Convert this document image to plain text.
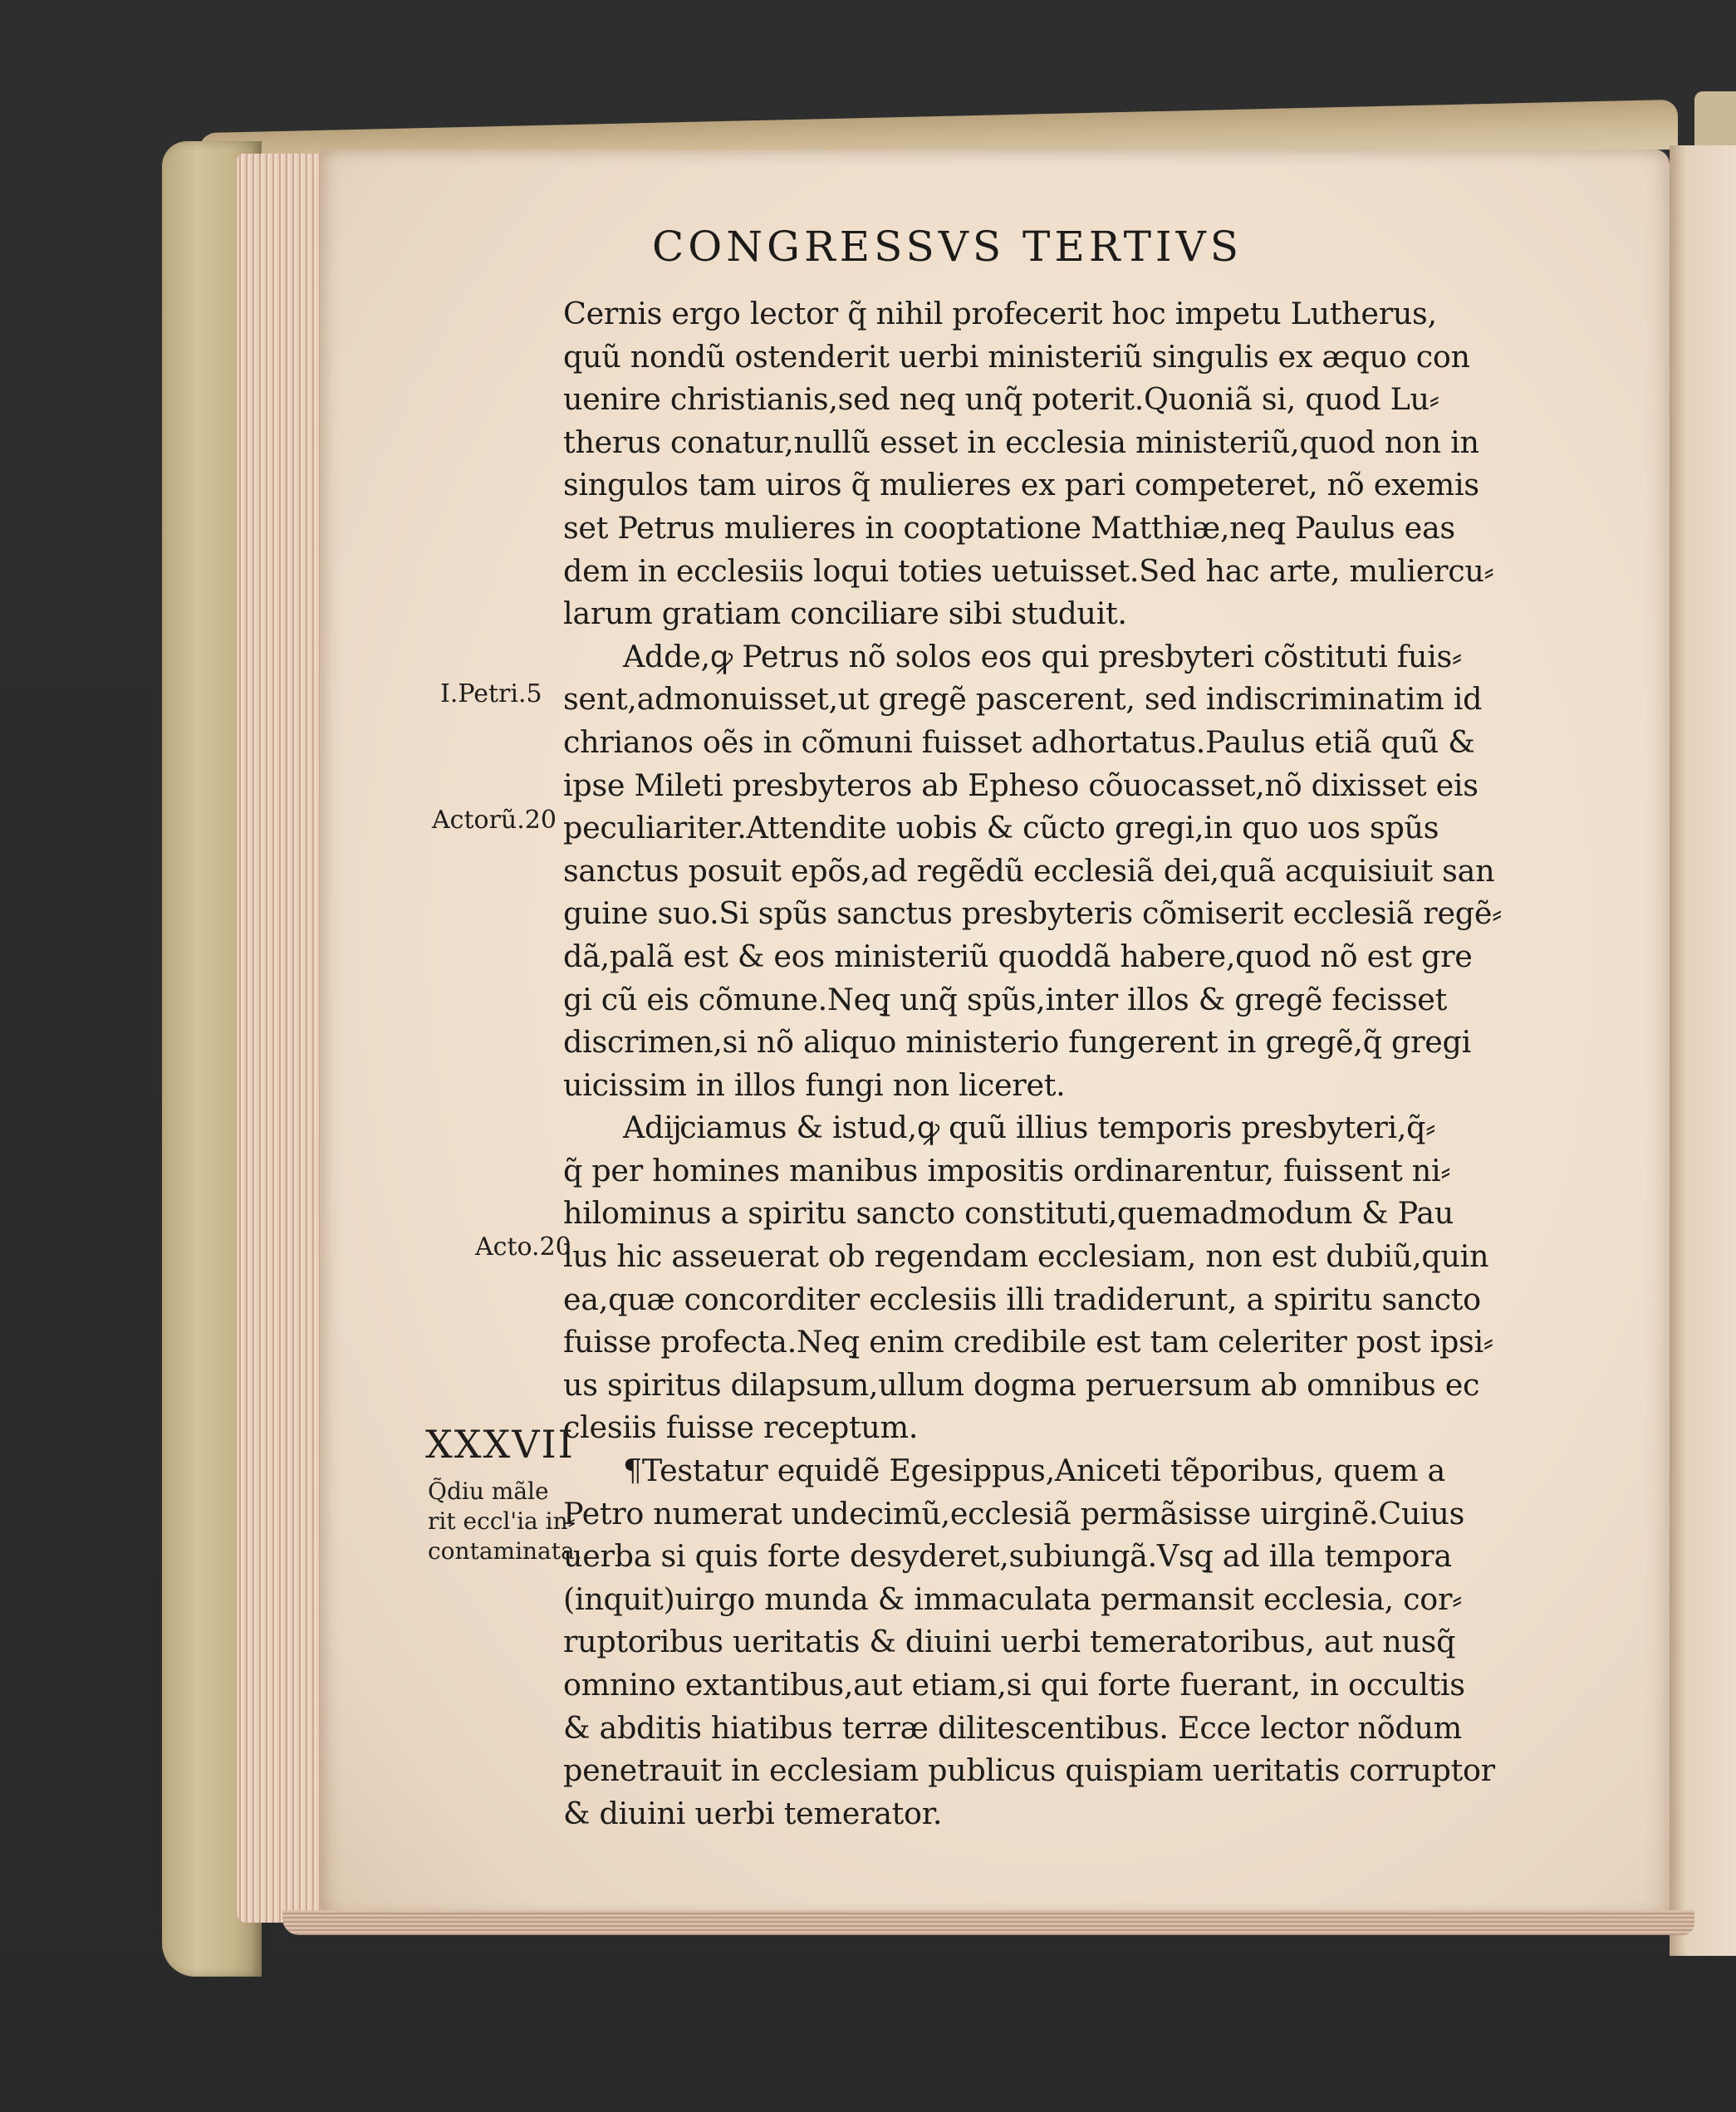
CONGRESSVS TERTIVS
Cernis ergo lector q̃ nihil profecerit hoc impetu Lutherus,
quũ nondũ ostenderit uerbi ministeriũ singulis ex æquo con
uenire christianis,sed neq̧ unq̃ poterit.Quoniã si, quod Lu⸗
therus conatur,nullũ esset in ecclesia ministeriũ,quod non in
singulos tam uiros q̃ mulieres ex pari competeret, nõ exemis
set Petrus mulieres in cooptatione Matthiæ,neq̧ Paulus eas
dem in ecclesiis loqui toties uetuisset.Sed hac arte, muliercu⸗
larum gratiam conciliare sibi studuit.
Adde,ꝙ Petrus nõ solos eos qui presbyteri cõstituti fuis⸗
sent,admonuisset,ut gregẽ pascerent, sed indiscriminatim id
chrianos oẽs in cõmuni fuisset adhortatus.Paulus etiã quũ &
ipse Mileti presbyteros ab Epheso cõuocasset,nõ dixisset eis
peculiariter.Attendite uobis & cũcto gregi,in quo uos spũs
sanctus posuit epõs,ad regẽdũ ecclesiã dei,quã acquisiuit san
guine suo.Si spũs sanctus presbyteris cõmiserit ecclesiã regẽ⸗
dã,palã est & eos ministeriũ quoddã habere,quod nõ est gre
gi cũ eis cõmune.Neq̧ unq̃ spũs,inter illos & gregẽ fecisset
discrimen,si nõ aliquo ministerio fungerent in gregẽ,q̃ gregi
uicissim in illos fungi non liceret.
Adĳciamus & istud,ꝙ quũ illius temporis presbyteri,q̃⸗
q̃ per homines manibus impositis ordinarentur, fuissent ni⸗
hilominus a spiritu sancto constituti,quemadmodum & Pau
lus hic asseuerat ob regendam ecclesiam, non est dubiũ,quin
ea,quæ concorditer ecclesiis illi tradiderunt, a spiritu sancto
fuisse profecta.Neq̧ enim credibile est tam celeriter post ipsi⸗
us spiritus dilapsum,ullum dogma peruersum ab omnibus ec
clesiis fuisse receptum.
¶Testatur equidẽ Egesippus,Aniceti tẽporibus, quem a
Petro numerat undecimũ,ecclesiã permãsisse uirginẽ.Cuius
uerba si quis forte desyderet,subiungã.Vsq̧ ad illa tempora
(inquit)uirgo munda & immaculata permansit ecclesia, cor⸗
ruptoribus ueritatis & diuini uerbi temeratoribus, aut nusq̃
omnino extantibus,aut etiam,si qui forte fuerant, in occultis
& abditis hiatibus terræ dilitescentibus. Ecce lector nõdum
penetrauit in ecclesiam publicus quispiam ueritatis corruptor
& diuini uerbi temerator.
I.Petri.5
Actorũ.20
Acto.20
XXXVII
Q̃diu mãle
rit eccl'ia in⸗
contaminata.
